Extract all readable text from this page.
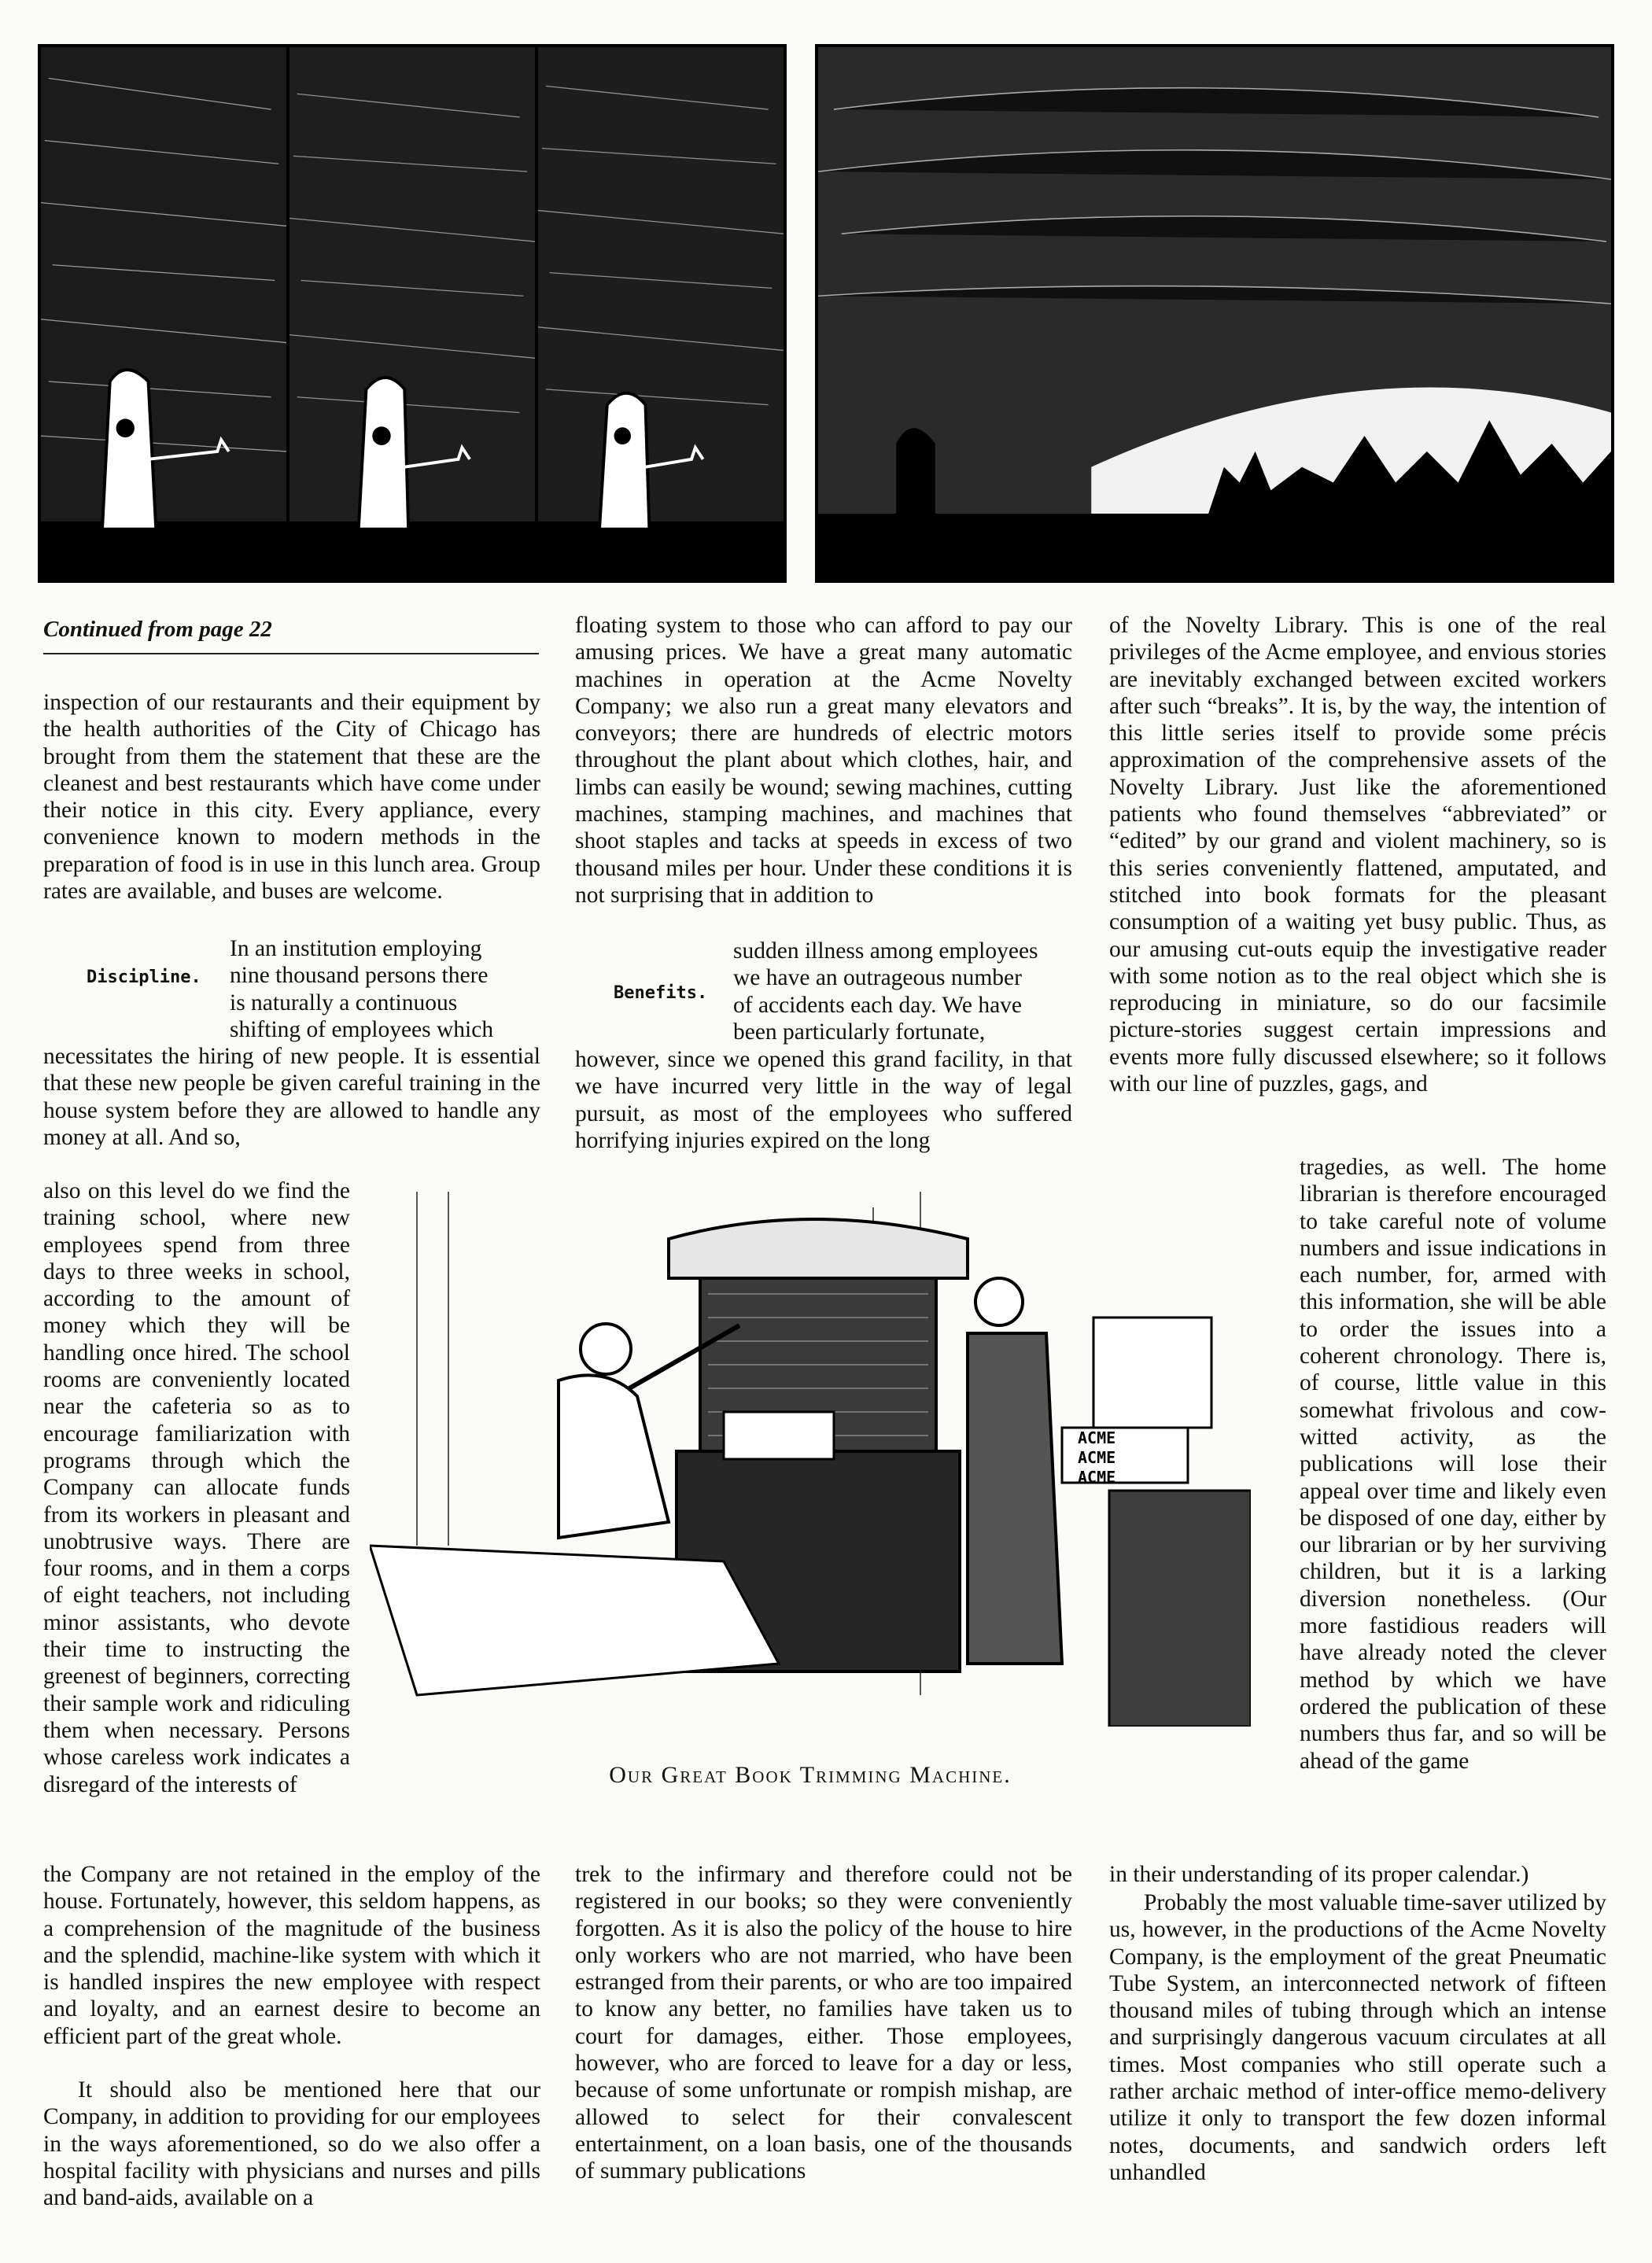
Continued from page 22

inspection of our restaurants and their equipment by the health authorities of the City of Chicago has brought from them the statement that these are the cleanest and best restaurants which have come under their notice in this city. Every appliance, every convenience known to modern methods in the preparation of food is in use in this lunch area. Group rates are available, and buses are welcome.

Discipline.

In an institution employing

nine thousand persons there

is naturally a continuous

shifting of employees which

necessitates the hiring of new people. It is essential that these new people be given careful training in the house system before they are allowed to handle any money at all. And so,

also on this level do we find the training school, where new employees spend from three days to three weeks in school, according to the amount of money which they will be handling once hired. The school rooms are conveniently located near the cafeteria so as to encourage familiarization with programs through which the Company can allocate funds from its workers in pleasant and unobtrusive ways. There are four rooms, and in them a corps of eight teachers, not including minor assistants, who devote their time to instructing the greenest of beginners, correcting their sample work and ridiculing them when necessary. Persons whose careless work indicates a disregard of the interests of

the Company are not retained in the employ of the house. Fortunately, however, this seldom happens, as a comprehension of the magnitude of the business and the splendid, machine-like system with which it is handled inspires the new employee with respect and loyalty, and an earnest desire to become an efficient part of the great whole.

It should also be mentioned here that our Company, in addition to providing for our employees in the ways aforementioned, so do we also offer a hospital facility with physicians and nurses and pills and band-aids, available on a

floating system to those who can afford to pay our amusing prices. We have a great many automatic machines in operation at the Acme Novelty Company; we also run a great many elevators and conveyors; there are hundreds of electric motors throughout the plant about which clothes, hair, and limbs can easily be wound; sewing machines, cutting machines, stamping machines, and machines that shoot staples and tacks at speeds in excess of two thousand miles per hour. Under these conditions it is not surprising that in addition to

Benefits.

sudden illness among employees

we have an outrageous number

of accidents each day. We have

been particularly fortunate,

however, since we opened this grand facility, in that we have incurred very little in the way of legal pursuit, as most of the employees who suffered horrifying injuries expired on the long

trek to the infirmary and therefore could not be registered in our books; so they were conveniently forgotten. As it is also the policy of the house to hire only workers who are not married, who have been estranged from their parents, or who are too impaired to know any better, no families have taken us to court for damages, either. Those employees, however, who are forced to leave for a day or less, because of some unfortunate or rompish mishap, are allowed to select for their convalescent entertainment, on a loan basis, one of the thousands of summary publications

of the Novelty Library. This is one of the real privileges of the Acme employee, and envious stories are inevitably exchanged between excited workers after such “breaks”. It is, by the way, the intention of this little series itself to provide some précis approximation of the comprehensive assets of the Novelty Library. Just like the aforementioned patients who found themselves “abbreviated” or “edited” by our grand and violent machinery, so is this series conveniently flattened, amputated, and stitched into book formats for the pleasant consumption of a waiting yet busy public. Thus, as our amusing cut-outs equip the investigative reader with some notion as to the real object which she is reproducing in miniature, so do our facsimile picture-stories suggest certain impressions and events more fully discussed elsewhere; so it follows with our line of puzzles, gags, and

tragedies, as well. The home librarian is therefore encouraged to take careful note of volume numbers and issue indications in each number, for, armed with this information, she will be able to order the issues into a coherent chronology. There is, of course, little value in this somewhat frivolous and cow-witted activity, as the publications will lose their appeal over time and likely even be disposed of one day, either by our librarian or by her surviving children, but it is a larking diversion nonetheless. (Our more fastidious readers will have already noted the clever method by which we have ordered the publication of these numbers thus far, and so will be ahead of the game

in their understanding of its proper calendar.)

Probably the most valuable time-saver utilized by us, however, in the productions of the Acme Novelty Company, is the employment of the great Pneumatic Tube System, an interconnected network of fifteen thousand miles of tubing through which an intense and surprisingly dangerous vacuum circulates at all times. Most companies who still operate such a rather archaic method of inter-office memo-delivery utilize it only to transport the few dozen informal notes, documents, and sandwich orders left unhandled

ACME
ACME
ACME
Our Great Book Trimming Machine.
